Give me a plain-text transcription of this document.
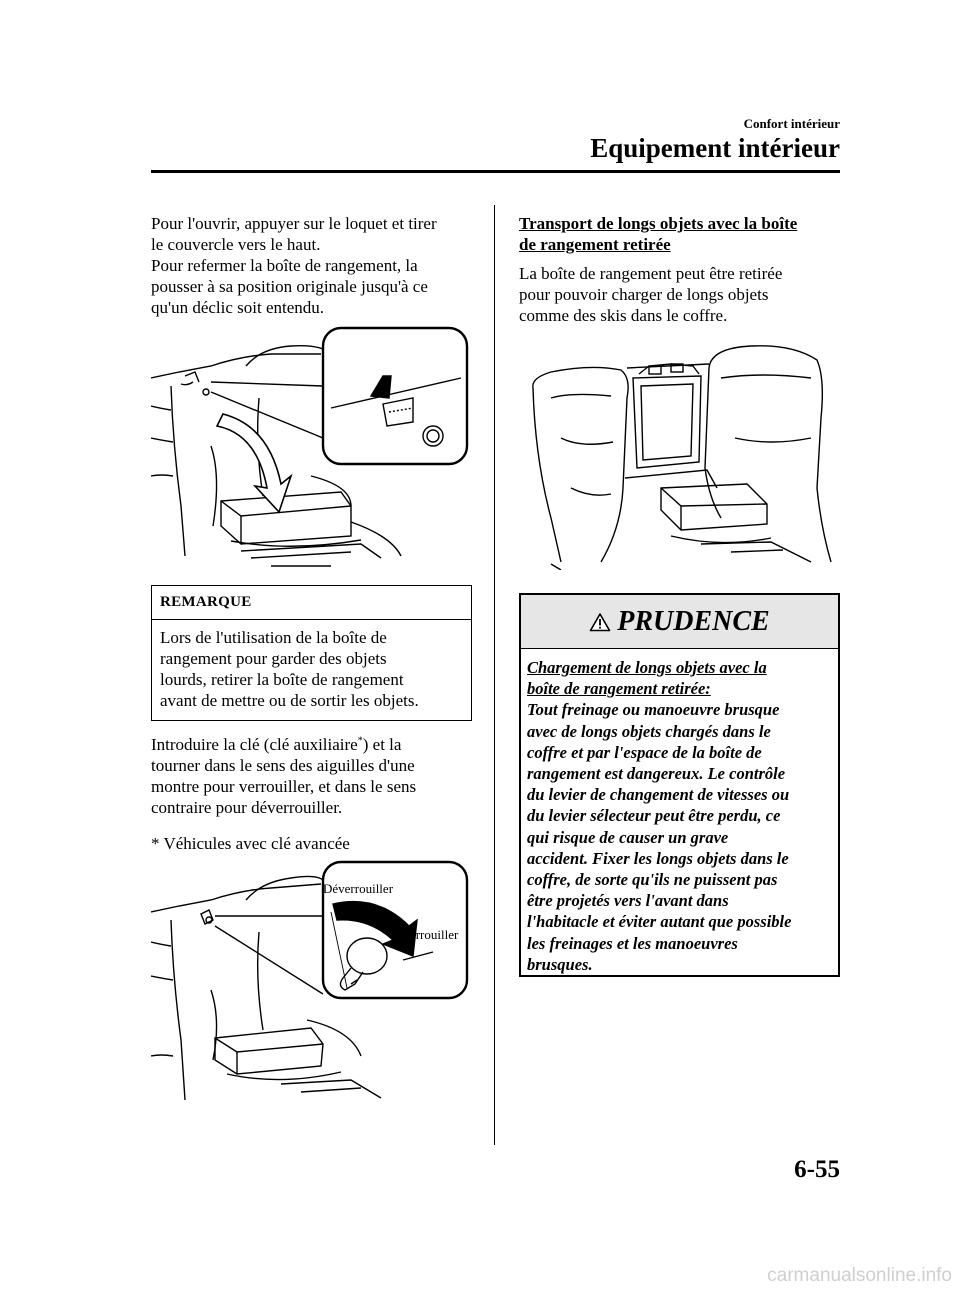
Confort intérieur
Equipement intérieur
Pour l'ouvrir, appuyer sur le loquet et tirer
le couvercle vers le haut.
Pour refermer la boîte de rangement, la
pousser à sa position originale jusqu'à ce
qu'un déclic soit entendu.
REMARQUE
Lors de l'utilisation de la boîte de
rangement pour garder des objets
lourds, retirer la boîte de rangement
avant de mettre ou de sortir les objets.
Introduire la clé (clé auxiliaire*) et la
tourner dans le sens des aiguilles d'une
montre pour verrouiller, et dans le sens
contraire pour déverrouiller.
* Véhicules avec clé avancée
Déverrouiller
Verrouiller
Transport de longs objets avec la boîte
de rangement retirée
La boîte de rangement peut être retirée
pour pouvoir charger de longs objets
comme des skis dans le coffre.
PRUDENCE
Chargement de longs objets avec la
boîte de rangement retirée:
Tout freinage ou manoeuvre brusque
avec de longs objets chargés dans le
coffre et par l'espace de la boîte de
rangement est dangereux. Le contrôle
du levier de changement de vitesses ou
du levier sélecteur peut être perdu, ce
qui risque de causer un grave
accident. Fixer les longs objets dans le
coffre, de sorte qu'ils ne puissent pas
être projetés vers l'avant dans
l'habitacle et éviter autant que possible
les freinages et les manoeuvres
brusques.
6-55
carmanualsonline.info
